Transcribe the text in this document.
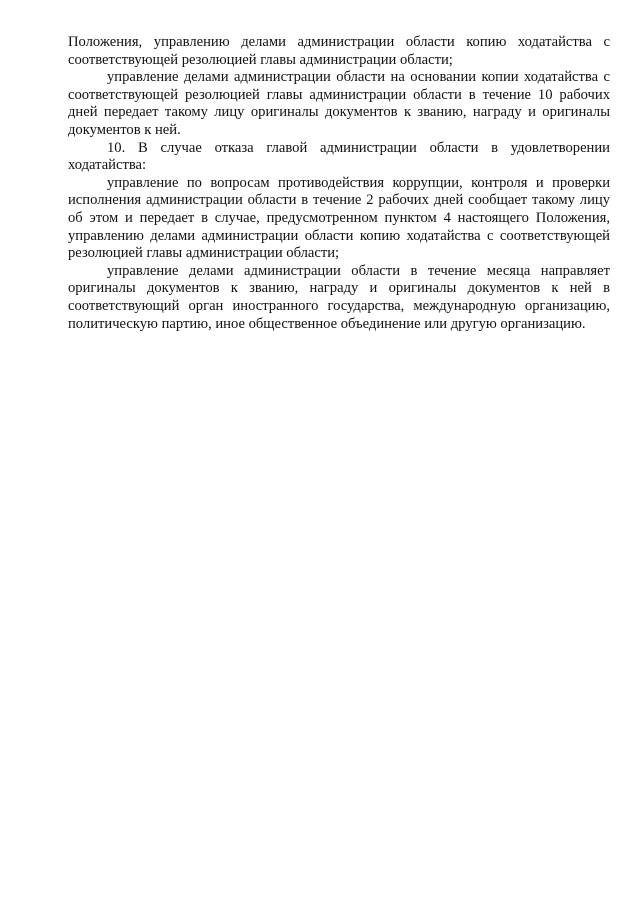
Положения, управлению делами администрации области копию ходатайства с соответствующей резолюцией главы администрации области;

управление делами администрации области на основании копии ходатайства с соответствующей резолюцией главы администрации области в течение 10 рабочих дней передает такому лицу оригиналы документов к званию, награду и оригиналы документов к ней.

10. В случае отказа главой администрации области в удовлетворении ходатайства:

управление по вопросам противодействия коррупции, контроля и проверки исполнения администрации области в течение 2 рабочих дней сообщает такому лицу об этом и передает в случае, предусмотренном пунктом 4 настоящего Положения, управлению делами администрации области копию ходатайства с соответствующей резолюцией главы администрации области;

управление делами администрации области в течение месяца направляет оригиналы документов к званию, награду и оригиналы документов к ней в соответствующий орган иностранного государства, международную организацию, политическую партию, иное общественное объединение или другую организацию.
